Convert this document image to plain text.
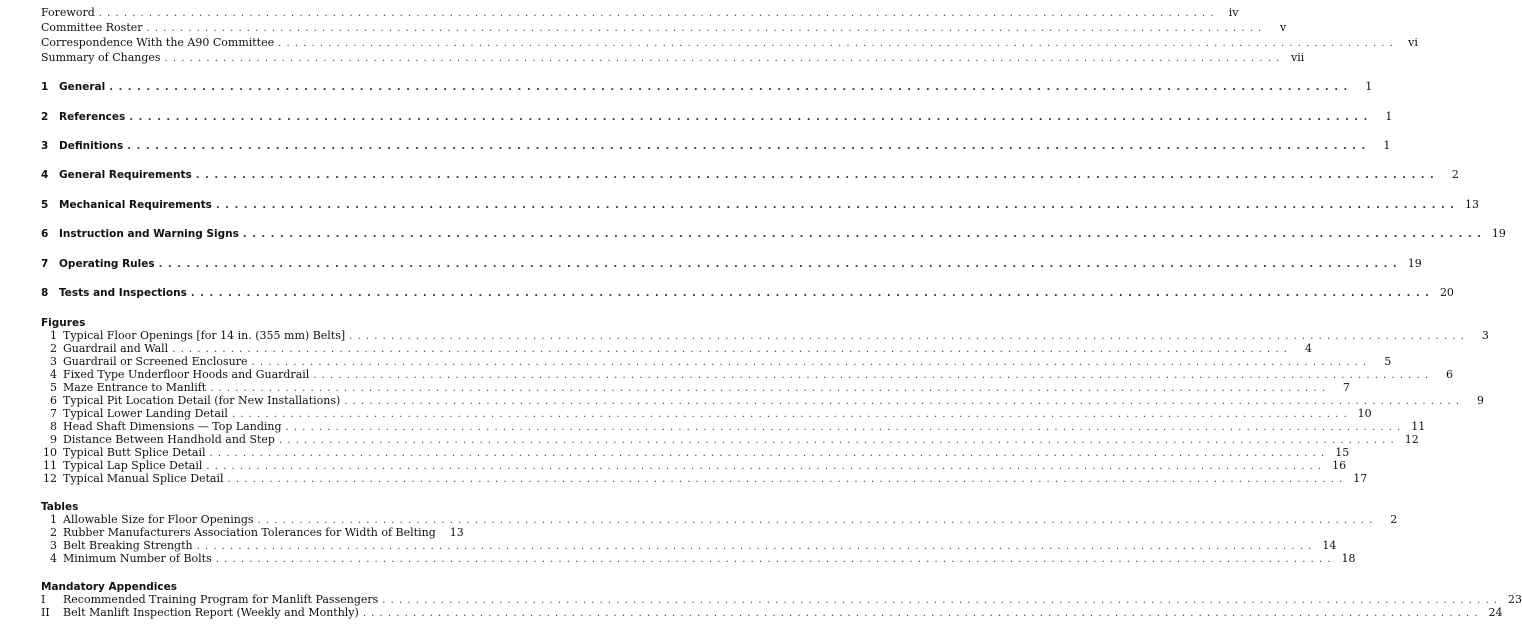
Foreword . . .	iv
Committee Roster . . .	v
Correspondence With the A90 Committee . . .	vi
Summary of Changes . . .	vii
1	General . . .	1
2	References . . .	1
3	Definitions . . .	1
4	General Requirements . . .	2
5	Mechanical Requirements . . .	13
6	Instruction and Warning Signs . . .	19
7	Operating Rules . . .	19
8	Tests and Inspections . . .	20
Figures
1 Typical Floor Openings [for 14 in. (355 mm) Belts] . . .	3
2 Guardrail and Wall . . .	4
3 Guardrail or Screened Enclosure . . .	5
4 Fixed Type Underfloor Hoods and Guardrail . . .	6
5 Maze Entrance to Manlift . . .	7
6 Typical Pit Location Detail (for New Installations) . . .	9
7 Typical Lower Landing Detail . . .	10
8 Head Shaft Dimensions — Top Landing . . .	11
9 Distance Between Handhold and Step . . .	12
10 Typical Butt Splice Detail . . .	15
11 Typical Lap Splice Detail . . .	16
12 Typical Manual Splice Detail . . .	17
Tables
1 Allowable Size for Floor Openings . . .	2
2 Rubber Manufacturers Association Tolerances for Width of Belting	13
3 Belt Breaking Strength . . .	14
4 Minimum Number of Bolts . . .	18
Mandatory Appendices
I	Recommended Training Program for Manlift Passengers . . .	23
II	Belt Manlift Inspection Report (Weekly and Monthly) . . .	24
